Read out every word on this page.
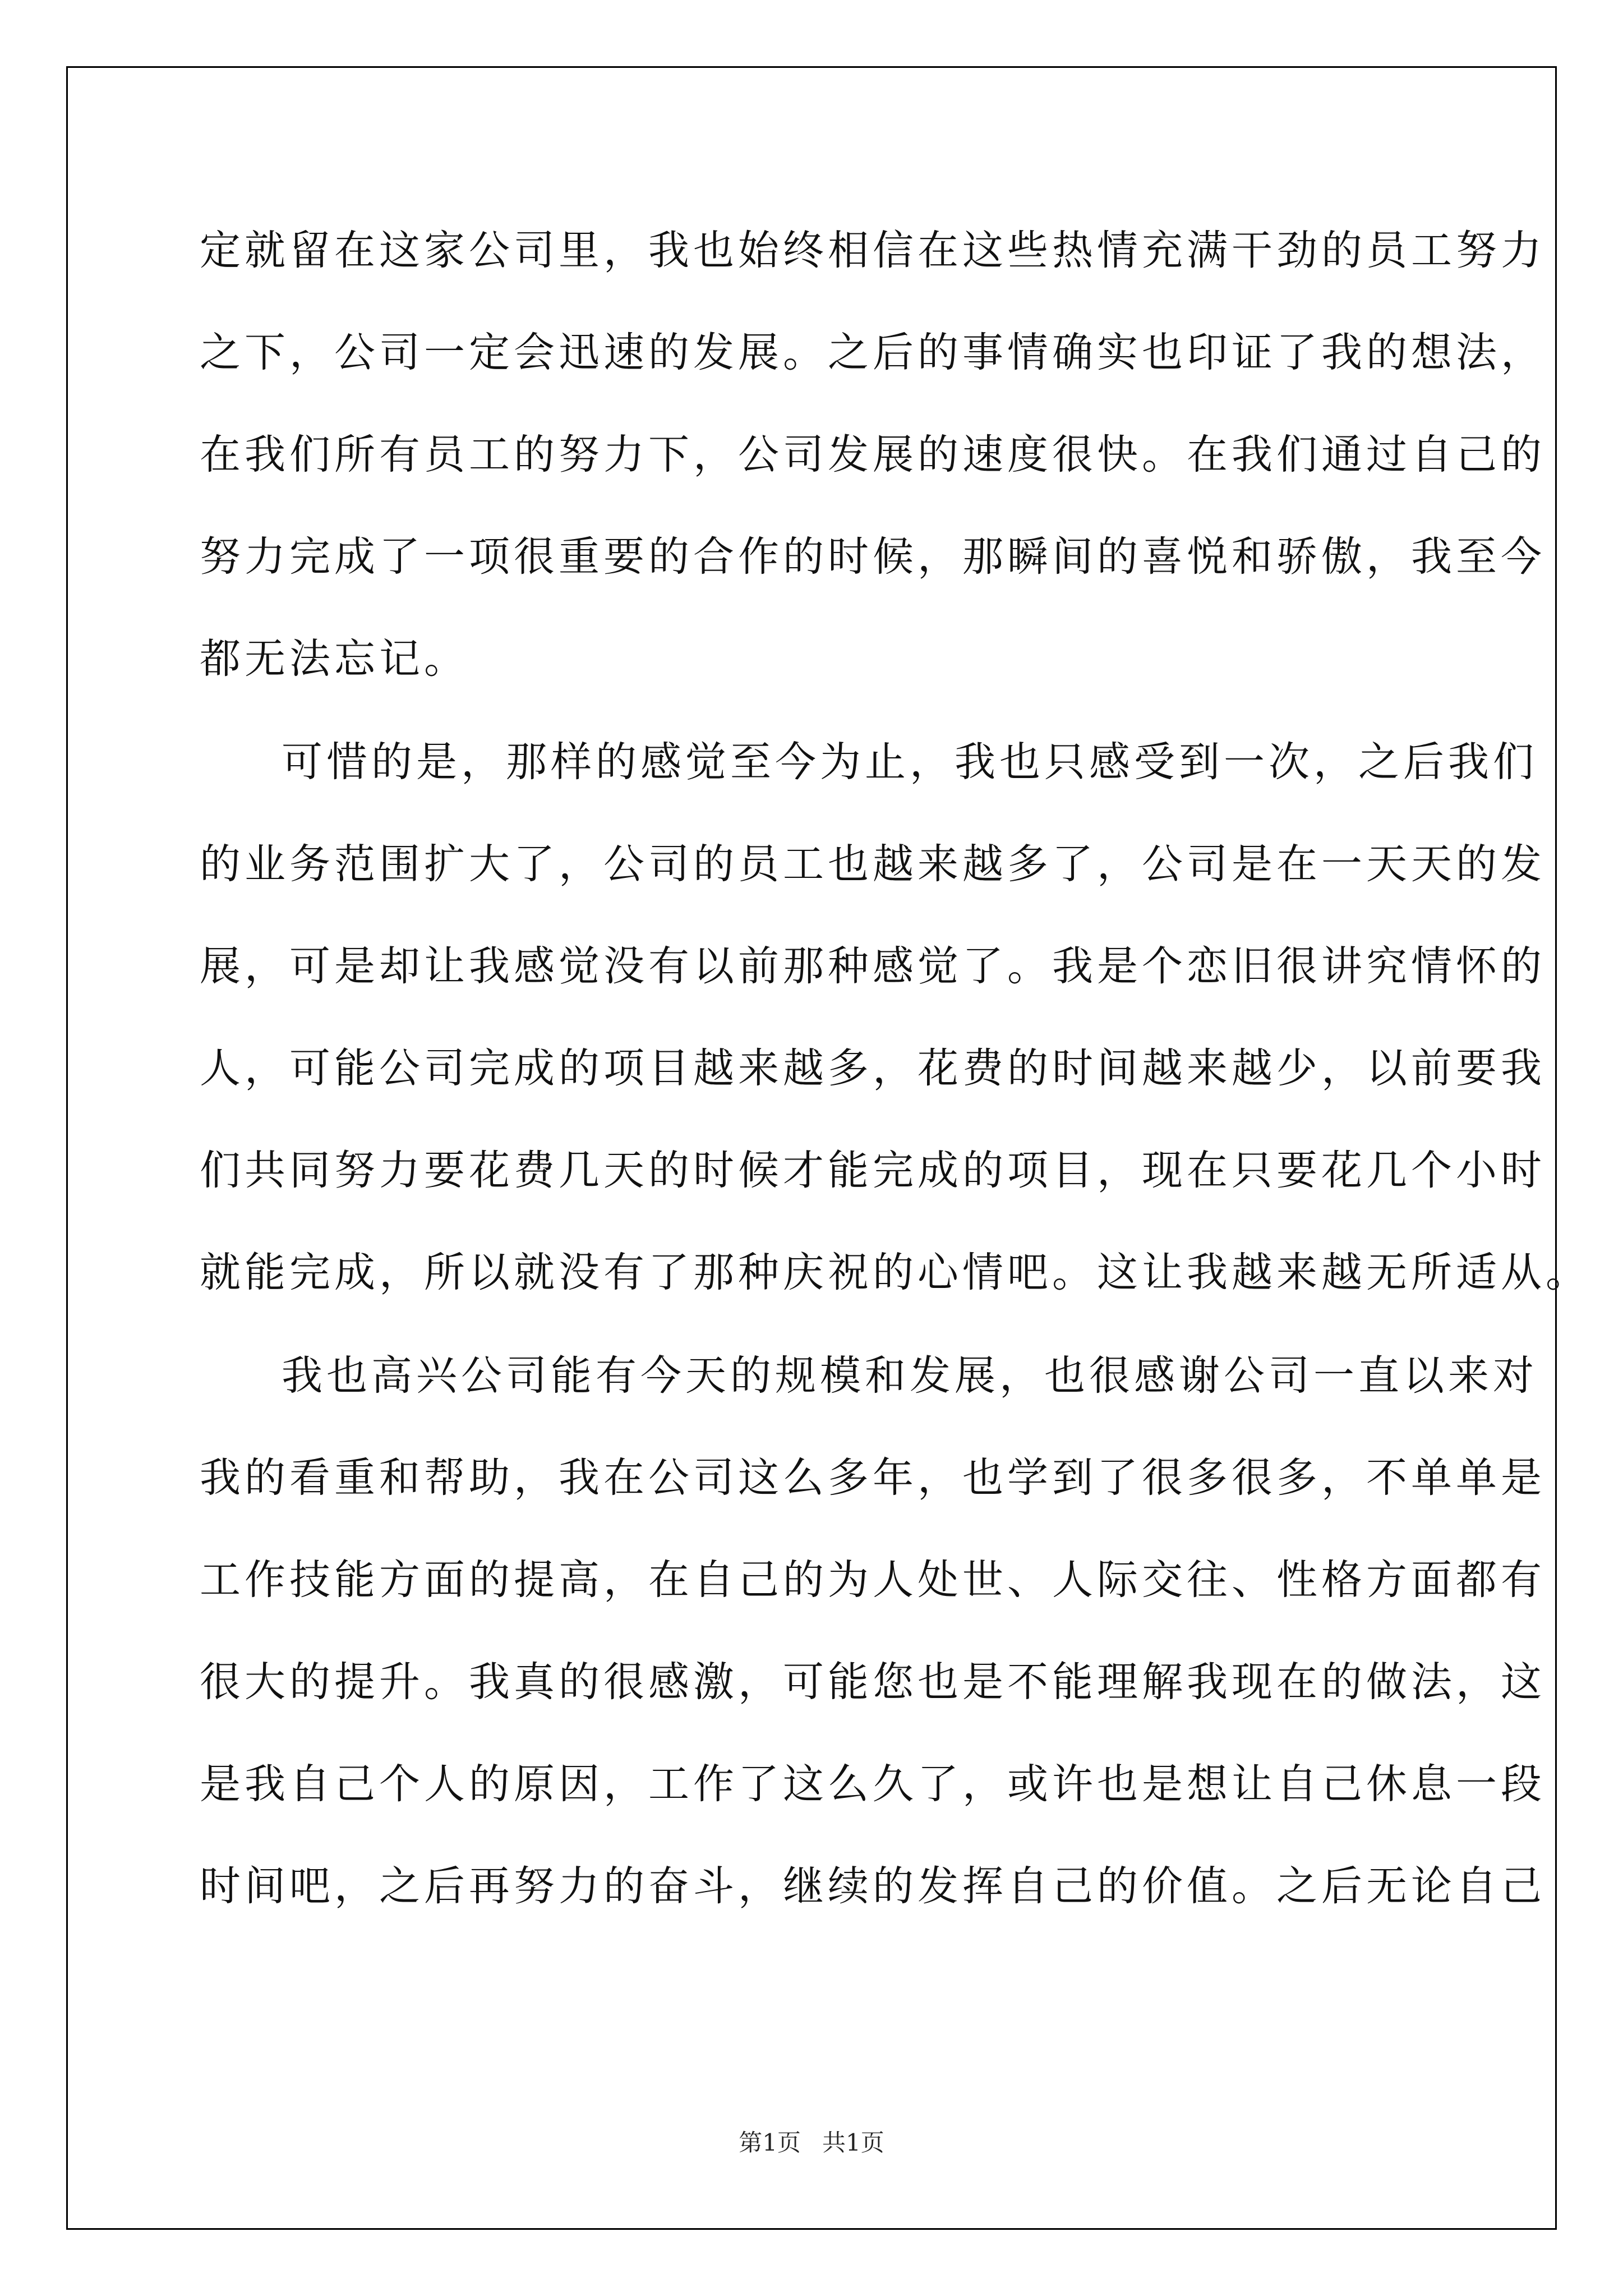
定就留在这家公司里，我也始终相信在这些热情充满干劲的员工努力
之下，公司一定会迅速的发展。之后的事情确实也印证了我的想法，
在我们所有员工的努力下，公司发展的速度很快。在我们通过自己的
努力完成了一项很重要的合作的时候，那瞬间的喜悦和骄傲，我至今
都无法忘记。
可惜的是，那样的感觉至今为止，我也只感受到一次，之后我们
的业务范围扩大了，公司的员工也越来越多了，公司是在一天天的发
展，可是却让我感觉没有以前那种感觉了。我是个恋旧很讲究情怀的
人，可能公司完成的项目越来越多，花费的时间越来越少，以前要我
们共同努力要花费几天的时候才能完成的项目，现在只要花几个小时
就能完成，所以就没有了那种庆祝的心情吧。这让我越来越无所适从。
我也高兴公司能有今天的规模和发展，也很感谢公司一直以来对
我的看重和帮助，我在公司这么多年，也学到了很多很多，不单单是
工作技能方面的提高，在自己的为人处世、人际交往、性格方面都有
很大的提升。我真的很感激，可能您也是不能理解我现在的做法，这
是我自己个人的原因，工作了这么久了，或许也是想让自己休息一段
时间吧，之后再努力的奋斗，继续的发挥自己的价值。之后无论自己
第1页 共1页
